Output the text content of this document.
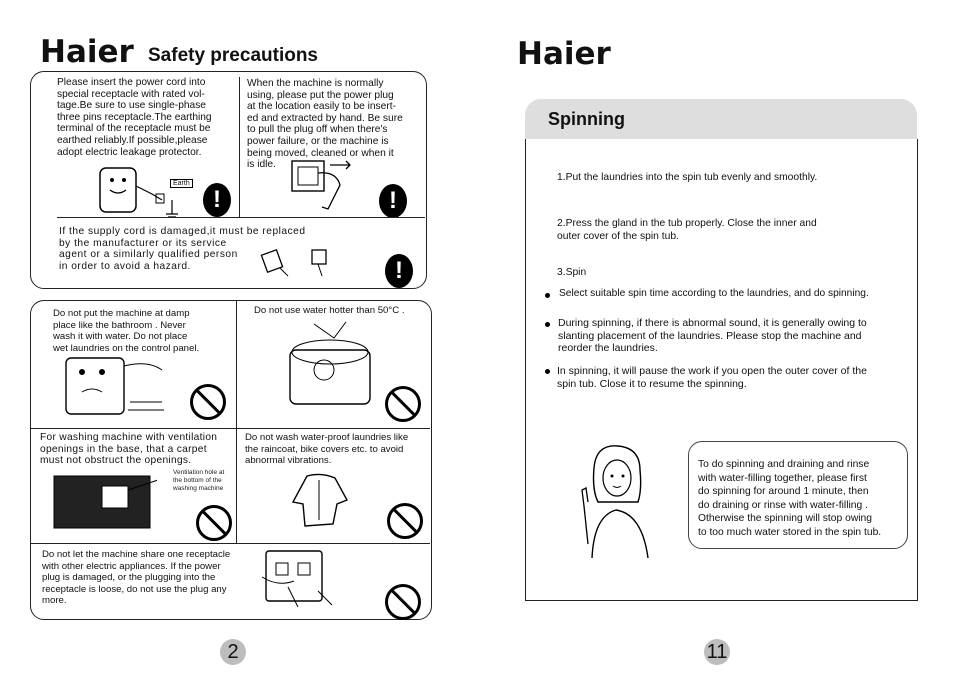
Haier Safety precautions
Please insert the power cord into
special receptacle with rated vol-
tage.Be sure to use single-phase
three pins receptacle.The earthing
terminal of the receptacle must be
earthed reliably.If possible,please
adopt electric leakage protector.
When the machine is normally
using, please put the power plug
at the location easily to be insert-
ed and extracted by hand. Be sure
to pull the plug off when there's
power failure, or the machine is
being moved, cleaned or when it
is idle.
Earth
!	!
If the supply cord is damaged,it must be replaced
by the manufacturer or its service
agent or a similarly qualified person
in order to avoid a hazard.	!
Do not put the machine at damp
place like the bathroom . Never
wash it with water. Do not place
wet laundries on the control panel.
Do not use water hotter than 50°C .
For washing machine with ventilation
openings in the base, that a carpet
must not obstruct the openings.
Ventilation hole at
the bottom of the
washing machine
Do not wash water-proof laundries like
the raincoat, bike covers etc. to avoid
abnormal vibrations.
Do not let the machine share one receptacle
with other electric appliances. If the power
plug is damaged, or the plugging into the
receptacle is loose, do not use the plug any
more.
2
Haier
Spinning
1.Put the laundries into the spin tub evenly and smoothly.
2.Press the gland in the tub properly. Close the inner and
outer cover of the spin tub.
3.Spin
Select suitable spin time according to the laundries, and do spinning.
During spinning, if there is abnormal sound, it is generally owing to
slanting placement of the laundries. Please stop the machine and
reorder the laundries.
In spinning, it will pause the work if you open the outer cover of the
spin tub. Close it to resume the spinning.
To do spinning and draining and rinse
with water-filling together, please first
do spinning for around 1 minute, then
do draining or rinse with water-filling .
Otherwise the spinning will stop owing
to too much water stored in the spin tub.
11
